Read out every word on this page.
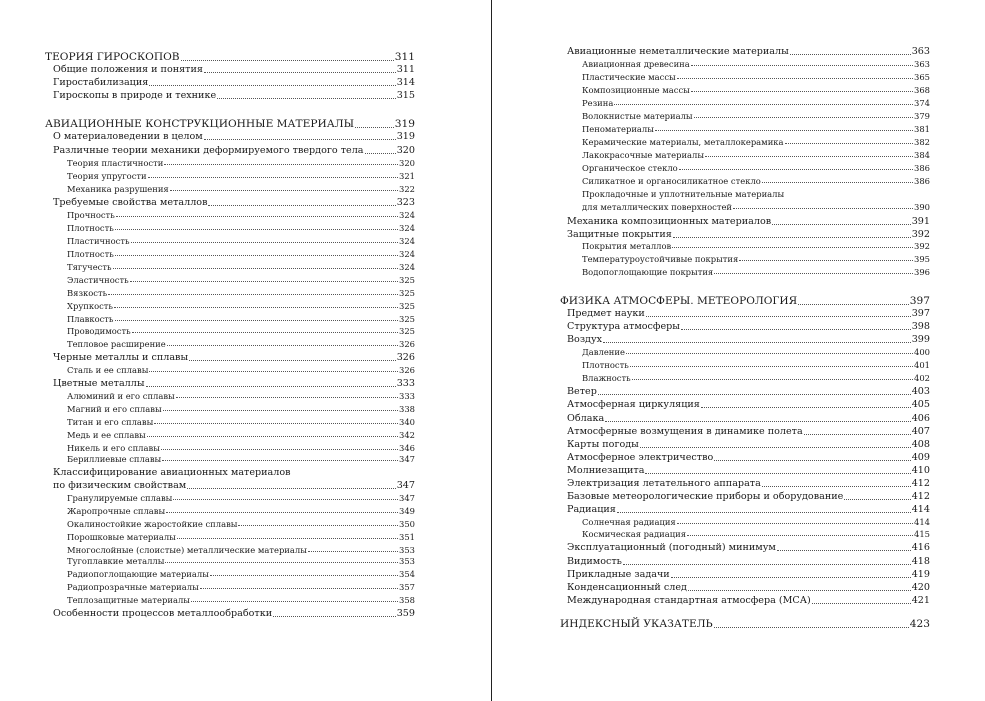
ТЕОРИЯ ГИРОСКОПОВ	311
Общие положения и понятия	311
Гиростабилизация	314
Гироскопы в природе и технике	315
АВИАЦИОННЫЕ КОНСТРУКЦИОННЫЕ МАТЕРИАЛЫ	319
О материаловедении в целом	319
Различные теории механики деформируемого твердого тела	320
Теория пластичности	320
Теория упругости	321
Механика разрушения	322
Требуемые свойства металлов	323
Прочность	324
Плотность	324
Пластичность	324
Плотность	324
Тягучесть	324
Эластичность	325
Вязкость	325
Хрупкость	325
Плавкость	325
Проводимость	325
Тепловое расширение	326
Черные металлы и сплавы	326
Сталь и ее сплавы	326
Цветные металлы	333
Алюминий и его сплавы	333
Магний и его сплавы	338
Титан и его сплавы	340
Медь и ее сплавы	342
Никель и его сплавы	346
Бериллиевые сплавы	347
Классифицирование авиационных материалов
по физическим свойствам	347
Гранулируемые сплавы	347
Жаропрочные сплавы	349
Окалиностойкие жаростойкие сплавы	350
Порошковые материалы	351
Многослойные (слоистые) металлические материалы	353
Тугоплавкие металлы	353
Радиопоглощающие материалы	354
Радиопрозрачные материалы	357
Теплозащитные материалы	358
Особенности процессов металлообработки	359
Авиационные неметаллические материалы	363
Авиационная древесина	363
Пластические массы	365
Композиционные массы	368
Резина	374
Волокнистые материалы	379
Пеноматериалы	381
Керамические материалы, металлокерамика	382
Лакокрасочные материалы	384
Органическое стекло	386
Силикатное и органосиликатное стекло	386
Прокладочные и уплотнительные материалы
для металлических поверхностей	390
Механика композиционных материалов	391
Защитные покрытия	392
Покрытия металлов	392
Температуроустойчивые покрытия	395
Водопоглощающие покрытия	396
ФИЗИКА АТМОСФЕРЫ. МЕТЕОРОЛОГИЯ	397
Предмет науки	397
Структура атмосферы	398
Воздух	399
Давление	400
Плотность	401
Влажность	402
Ветер	403
Атмосферная циркуляция	405
Облака	406
Атмосферные возмущения в динамике полета	407
Карты погоды	408
Атмосферное электричество	409
Молниезащита	410
Электризация летательного аппарата	412
Базовые метеорологические приборы и оборудование	412
Радиация	414
Солнечная радиация	414
Космическая радиация	415
Эксплуатационный (погодный) минимум	416
Видимость	418
Прикладные задачи	419
Конденсационный след	420
Международная стандартная атмосфера (МСА)	421
ИНДЕКСНЫЙ УКАЗАТЕЛЬ	423
